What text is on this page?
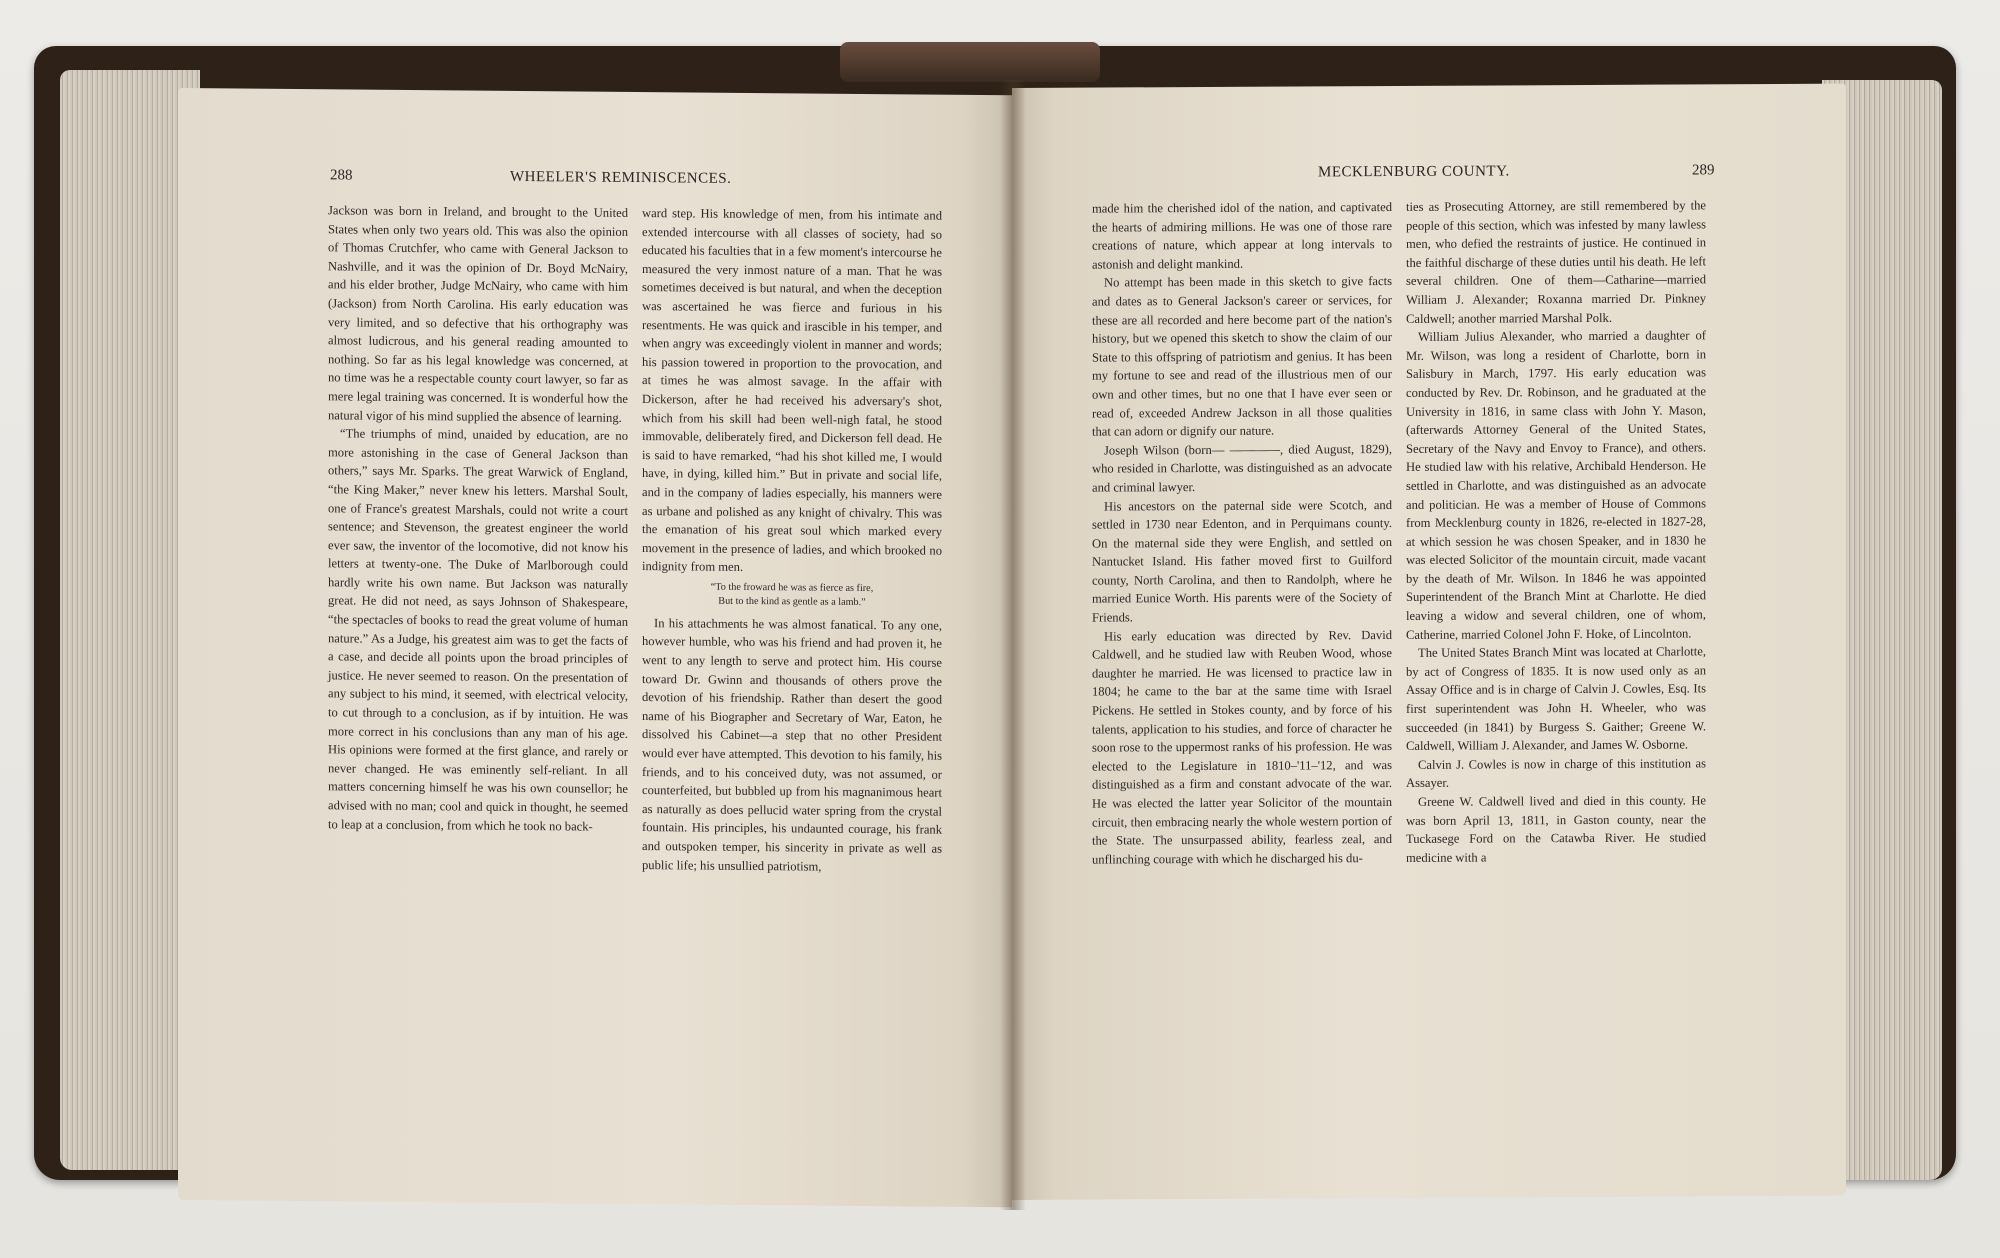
288	WHEELER'S REMINISCENCES.

Jackson was born in Ireland, and brought to the United States when only two years old. This was also the opinion of Thomas Crutchfer, who came with General Jackson to Nashville, and it was the opinion of Dr. Boyd McNairy, and his elder brother, Judge McNairy, who came with him (Jackson) from North Carolina. His early education was very limited, and so defective that his orthography was almost ludicrous, and his general reading amounted to nothing. So far as his legal knowledge was concerned, at no time was he a respectable county court lawyer, so far as mere legal training was concerned. It is wonderful how the natural vigor of his mind supplied the absence of learning.

“The triumphs of mind, unaided by education, are no more astonishing in the case of General Jackson than others,” says Mr. Sparks. The great Warwick of England, “the King Maker,” never knew his letters. Marshal Soult, one of France's greatest Marshals, could not write a court sentence; and Stevenson, the greatest engineer the world ever saw, the inventor of the locomotive, did not know his letters at twenty-one. The Duke of Marlborough could hardly write his own name. But Jackson was naturally great. He did not need, as says Johnson of Shakespeare, “the spectacles of books to read the great volume of human nature.” As a Judge, his greatest aim was to get the facts of a case, and decide all points upon the broad principles of justice. He never seemed to reason. On the presentation of any subject to his mind, it seemed, with electrical velocity, to cut through to a conclusion, as if by intuition. He was more correct in his conclusions than any man of his age. His opinions were formed at the first glance, and rarely or never changed. He was eminently self-reliant. In all matters concerning himself he was his own counsellor; he advised with no man; cool and quick in thought, he seemed to leap at a conclusion, from which he took no back-

ward step. His knowledge of men, from his intimate and extended intercourse with all classes of society, had so educated his faculties that in a few moment's intercourse he measured the very inmost nature of a man. That he was sometimes deceived is but natural, and when the deception was ascertained he was fierce and furious in his resentments. He was quick and irascible in his temper, and when angry was exceedingly violent in manner and words; his passion towered in proportion to the provocation, and at times he was almost savage. In the affair with Dickerson, after he had received his adversary's shot, which from his skill had been well-nigh fatal, he stood immovable, deliberately fired, and Dickerson fell dead. He is said to have remarked, “had his shot killed me, I would have, in dying, killed him.” But in private and social life, and in the company of ladies especially, his manners were as urbane and polished as any knight of chivalry. This was the emanation of his great soul which marked every movement in the presence of ladies, and which brooked no indignity from men.

“To the froward he was as fierce as fire,
But to the kind as gentle as a lamb.”

In his attachments he was almost fanatical. To any one, however humble, who was his friend and had proven it, he went to any length to serve and protect him. His course toward Dr. Gwinn and thousands of others prove the devotion of his friendship. Rather than desert the good name of his Biographer and Secretary of War, Eaton, he dissolved his Cabinet—a step that no other President would ever have attempted. This devotion to his family, his friends, and to his conceived duty, was not assumed, or counterfeited, but bubbled up from his magnanimous heart as naturally as does pellucid water spring from the crystal fountain. His principles, his undaunted courage, his frank and outspoken temper, his sincerity in private as well as public life; his unsullied patriotism,

MECKLENBURG COUNTY.	289

made him the cherished idol of the nation, and captivated the hearts of admiring millions. He was one of those rare creations of nature, which appear at long intervals to astonish and delight mankind.

No attempt has been made in this sketch to give facts and dates as to General Jackson's career or services, for these are all recorded and here become part of the nation's history, but we opened this sketch to show the claim of our State to this offspring of patriotism and genius. It has been my fortune to see and read of the illustrious men of our own and other times, but no one that I have ever seen or read of, exceeded Andrew Jackson in all those qualities that can adorn or dignify our nature.

Joseph Wilson (born— ————, died August, 1829), who resided in Charlotte, was distinguished as an advocate and criminal lawyer.

His ancestors on the paternal side were Scotch, and settled in 1730 near Edenton, and in Perquimans county. On the maternal side they were English, and settled on Nantucket Island. His father moved first to Guilford county, North Carolina, and then to Randolph, where he married Eunice Worth. His parents were of the Society of Friends.

His early education was directed by Rev. David Caldwell, and he studied law with Reuben Wood, whose daughter he married. He was licensed to practice law in 1804; he came to the bar at the same time with Israel Pickens. He settled in Stokes county, and by force of his talents, application to his studies, and force of character he soon rose to the uppermost ranks of his profession. He was elected to the Legislature in 1810–'11–'12, and was distinguished as a firm and constant advocate of the war. He was elected the latter year Solicitor of the mountain circuit, then embracing nearly the whole western portion of the State. The unsurpassed ability, fearless zeal, and unflinching courage with which he discharged his du-

ties as Prosecuting Attorney, are still remembered by the people of this section, which was infested by many lawless men, who defied the restraints of justice. He continued in the faithful discharge of these duties until his death. He left several children. One of them—Catharine—married William J. Alexander; Roxanna married Dr. Pinkney Caldwell; another married Marshal Polk.

William Julius Alexander, who married a daughter of Mr. Wilson, was long a resident of Charlotte, born in Salisbury in March, 1797. His early education was conducted by Rev. Dr. Robinson, and he graduated at the University in 1816, in same class with John Y. Mason, (afterwards Attorney General of the United States, Secretary of the Navy and Envoy to France), and others. He studied law with his relative, Archibald Henderson. He settled in Charlotte, and was distinguished as an advocate and politician. He was a member of House of Commons from Mecklenburg county in 1826, re-elected in 1827-28, at which session he was chosen Speaker, and in 1830 he was elected Solicitor of the mountain circuit, made vacant by the death of Mr. Wilson. In 1846 he was appointed Superintendent of the Branch Mint at Charlotte. He died leaving a widow and several children, one of whom, Catherine, married Colonel John F. Hoke, of Lincolnton.

The United States Branch Mint was located at Charlotte, by act of Congress of 1835. It is now used only as an Assay Office and is in charge of Calvin J. Cowles, Esq. Its first superintendent was John H. Wheeler, who was succeeded (in 1841) by Burgess S. Gaither; Greene W. Caldwell, William J. Alexander, and James W. Osborne.

Calvin J. Cowles is now in charge of this institution as Assayer.

Greene W. Caldwell lived and died in this county. He was born April 13, 1811, in Gaston county, near the Tuckasege Ford on the Catawba River. He studied medicine with a
